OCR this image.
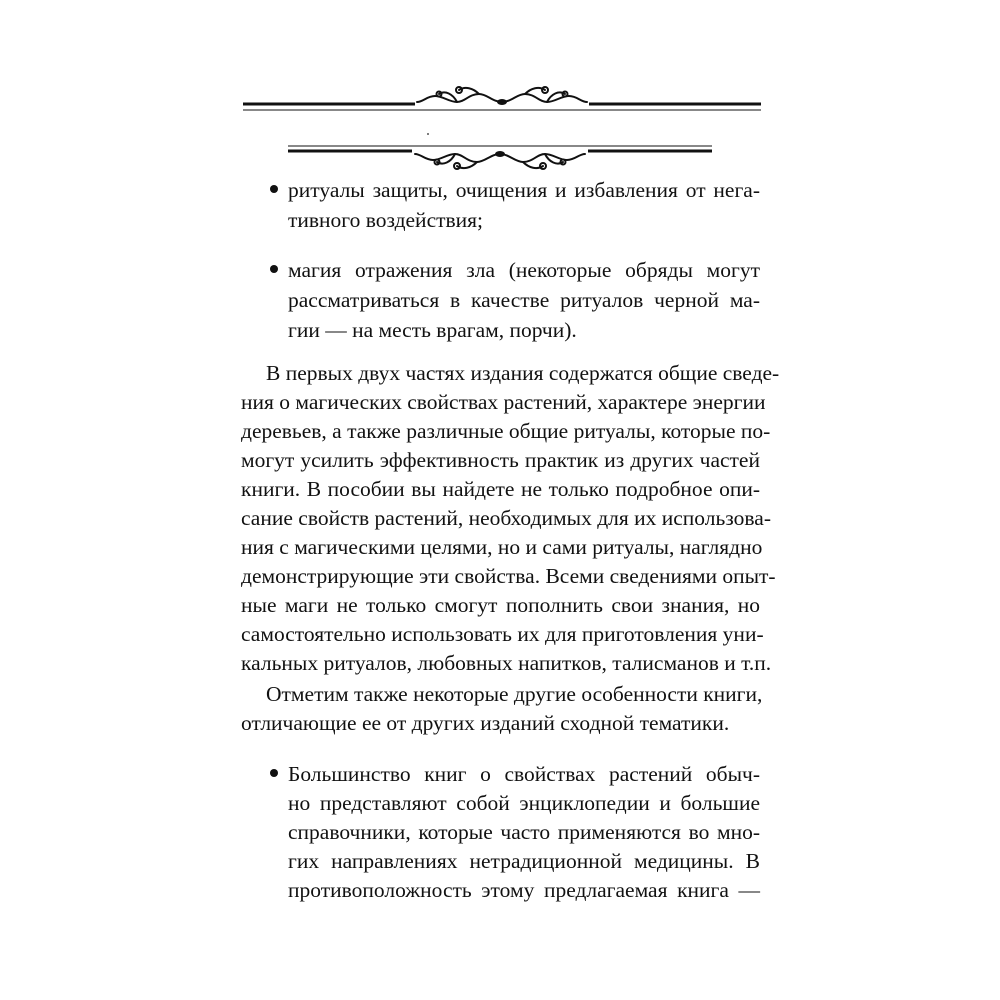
ритуалы защиты, очищения и избавления от нега-
тивного воздействия;
магия отражения зла (некоторые обряды могут
рассматриваться в качестве ритуалов черной ма-
гии — на месть врагам, порчи).
В первых двух частях издания содержатся общие сведе-
ния о магических свойствах растений, характере энергии
деревьев, а также различные общие ритуалы, которые по-
могут усилить эффективность практик из других частей
книги. В пособии вы найдете не только подробное опи-
сание свойств растений, необходимых для их использова-
ния с магическими целями, но и сами ритуалы, наглядно
демонстрирующие эти свойства. Всеми сведениями опыт-
ные маги не только смогут пополнить свои знания, но
самостоятельно использовать их для приготовления уни-
кальных ритуалов, любовных напитков, талисманов и т.п.
Отметим также некоторые другие особенности книги,
отличающие ее от других изданий сходной тематики.
Большинство книг о свойствах растений обыч-
но представляют собой энциклопедии и большие
справочники, которые часто применяются во мно-
гих направлениях нетрадиционной медицины. В
противоположность этому предлагаемая книга —
